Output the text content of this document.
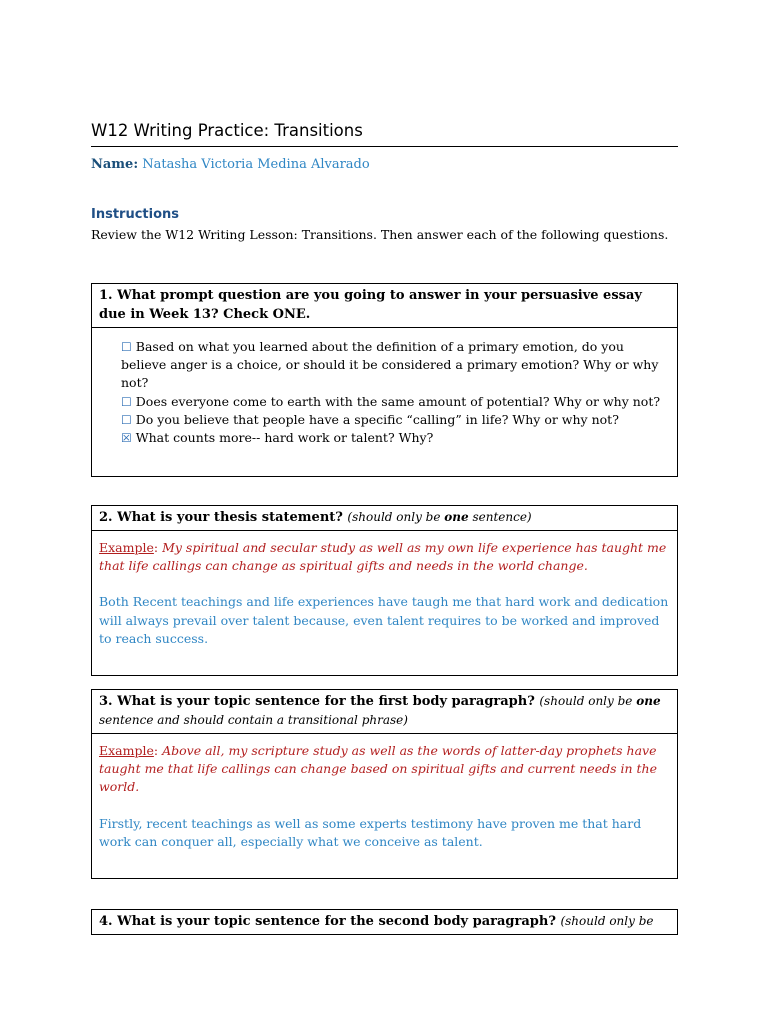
W12 Writing Practice: Transitions
Name: Natasha Victoria Medina Alvarado
Instructions
Review the W12 Writing Lesson: Transitions. Then answer each of the following questions.
1. What prompt question are you going to answer in your persuasive essay due in Week 13? Check ONE.
☐ Based on what you learned about the definition of a primary emotion, do you believe anger is a choice, or should it be considered a primary emotion? Why or why not?
☐ Does everyone come to earth with the same amount of potential? Why or why not?
☐ Do you believe that people have a specific “calling” in life? Why or why not?
☒ What counts more-- hard work or talent? Why?
2. What is your thesis statement? (should only be one sentence)
Example: My spiritual and secular study as well as my own life experience has taught me that life callings can change as spiritual gifts and needs in the world change.
Both Recent teachings and life experiences have taugh me that hard work and dedication will always prevail over talent because, even talent requires to be worked and improved to reach success.
3. What is your topic sentence for the first body paragraph? (should only be one sentence and should contain a transitional phrase)
Example: Above all, my scripture study as well as the words of latter-day prophets have taught me that life callings can change based on spiritual gifts and current needs in the world.
Firstly, recent teachings as well as some experts testimony have proven me that hard work can conquer all, especially what we conceive as talent.
4. What is your topic sentence for the second body paragraph? (should only be
